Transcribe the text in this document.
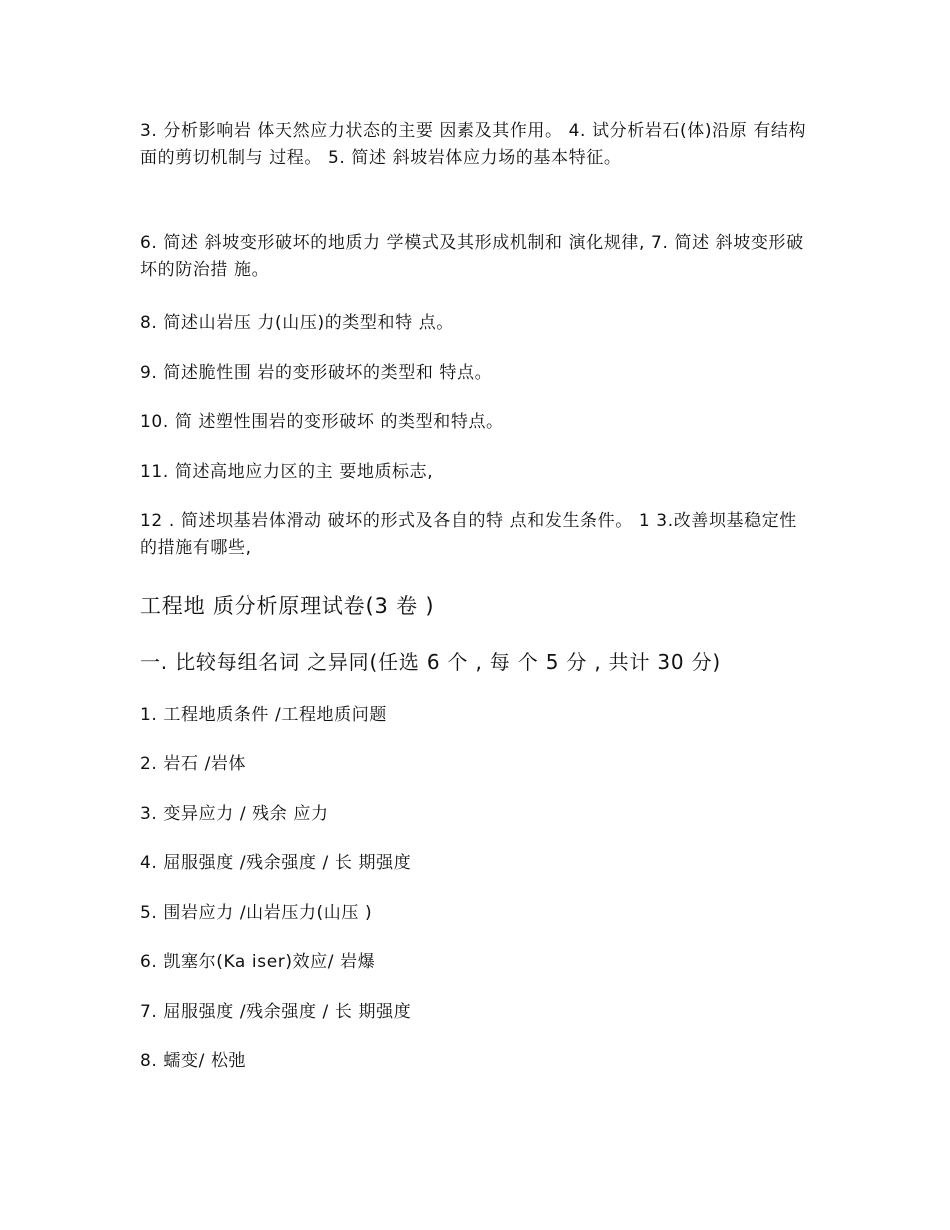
3. 分析影响岩 体天然应力状态的主要 因素及其作用。 4. 试分析岩石(体)沿原 有结构面的剪切机制与 过程。 5. 简述 斜坡岩体应力场的基本特征。

6. 简述 斜坡变形破坏的地质力 学模式及其形成机制和 演化规律, 7. 简述 斜坡变形破坏的防治措 施。

8. 简述山岩压 力(山压)的类型和特 点。

9. 简述脆性围 岩的变形破坏的类型和 特点。

10. 简 述塑性围岩的变形破坏 的类型和特点。

11. 简述高地应力区的主 要地质标志,

12 . 简述坝基岩体滑动 破坏的形式及各自的特 点和发生条件。 1 3.改善坝基稳定性 的措施有哪些,

工程地 质分析原理试卷(3 卷 )
一. 比较每组名词 之异同(任选 6 个 , 每 个 5 分 , 共计 30 分)

1. 工程地质条件 /工程地质问题

2. 岩石 /岩体

3. 变异应力 / 残余 应力

4. 屈服强度 /残余强度 / 长 期强度

5. 围岩应力 /山岩压力(山压 )

6. 凯塞尔(Ka iser)效应/ 岩爆

7. 屈服强度 /残余强度 / 长 期强度

8. 蠕变/ 松弛
